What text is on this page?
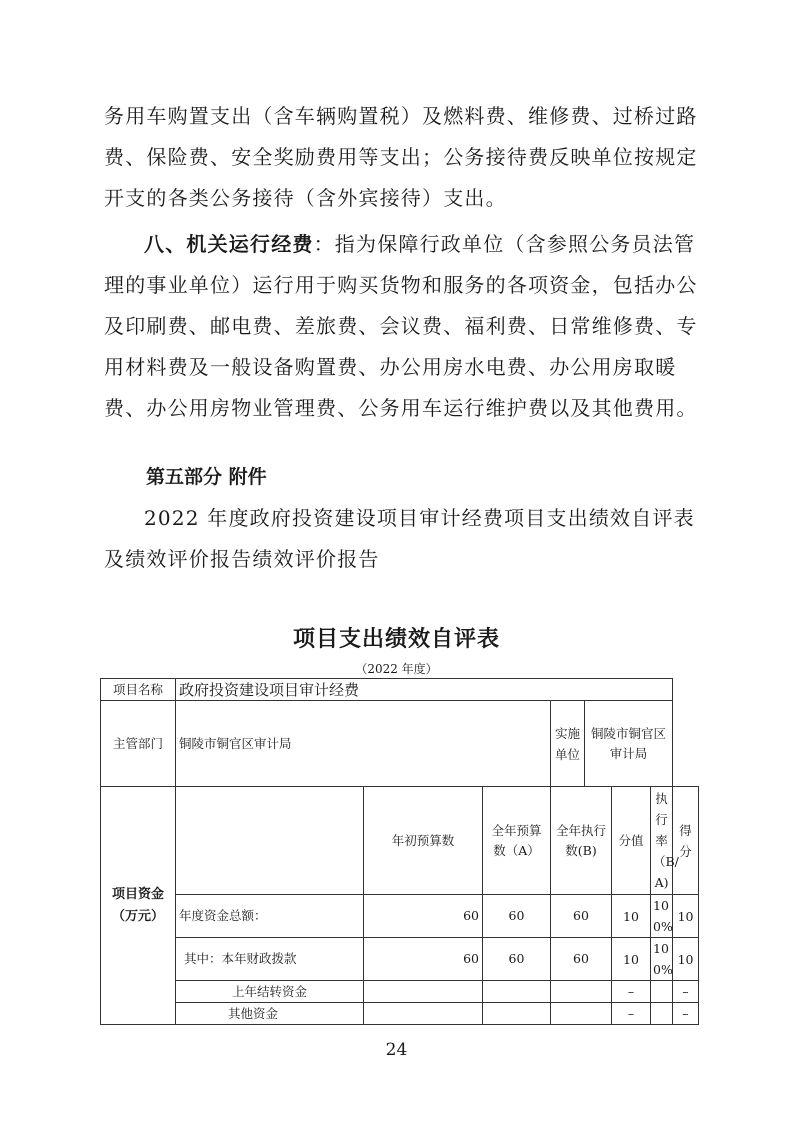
务用车购置支出（含车辆购置税）及燃料费、维修费、过桥过路费、保险费、安全奖励费用等支出；公务接待费反映单位按规定开支的各类公务接待（含外宾接待）支出。

八、机关运行经费：指为保障行政单位（含参照公务员法管理的事业单位）运行用于购买货物和服务的各项资金，包括办公及印刷费、邮电费、差旅费、会议费、福利费、日常维修费、专用材料费及一般设备购置费、办公用房水电费、办公用房取暖费、办公用房物业管理费、公务用车运行维护费以及其他费用。

第五部分 附件

2022 年度政府投资建设项目审计经费项目支出绩效自评表及绩效评价报告绩效评价报告

项目支出绩效自评表

（2022 年度）

项目名称	政府投资建设项目审计经费							
主管部门	铜陵市铜官区审计局			实施单位	铜陵市铜官区审计局			
项目资金（万元）		年初预算数	全年预算数（A）	全年执行数(B)		分值	执行率（B/A)	得分
	年度资金总额：	60	60	60		10	100%	10
	其中：本年财政拨款	60	60	60		10	100%	10
	上年结转资金					–		–
	其他资金					–		–

24
